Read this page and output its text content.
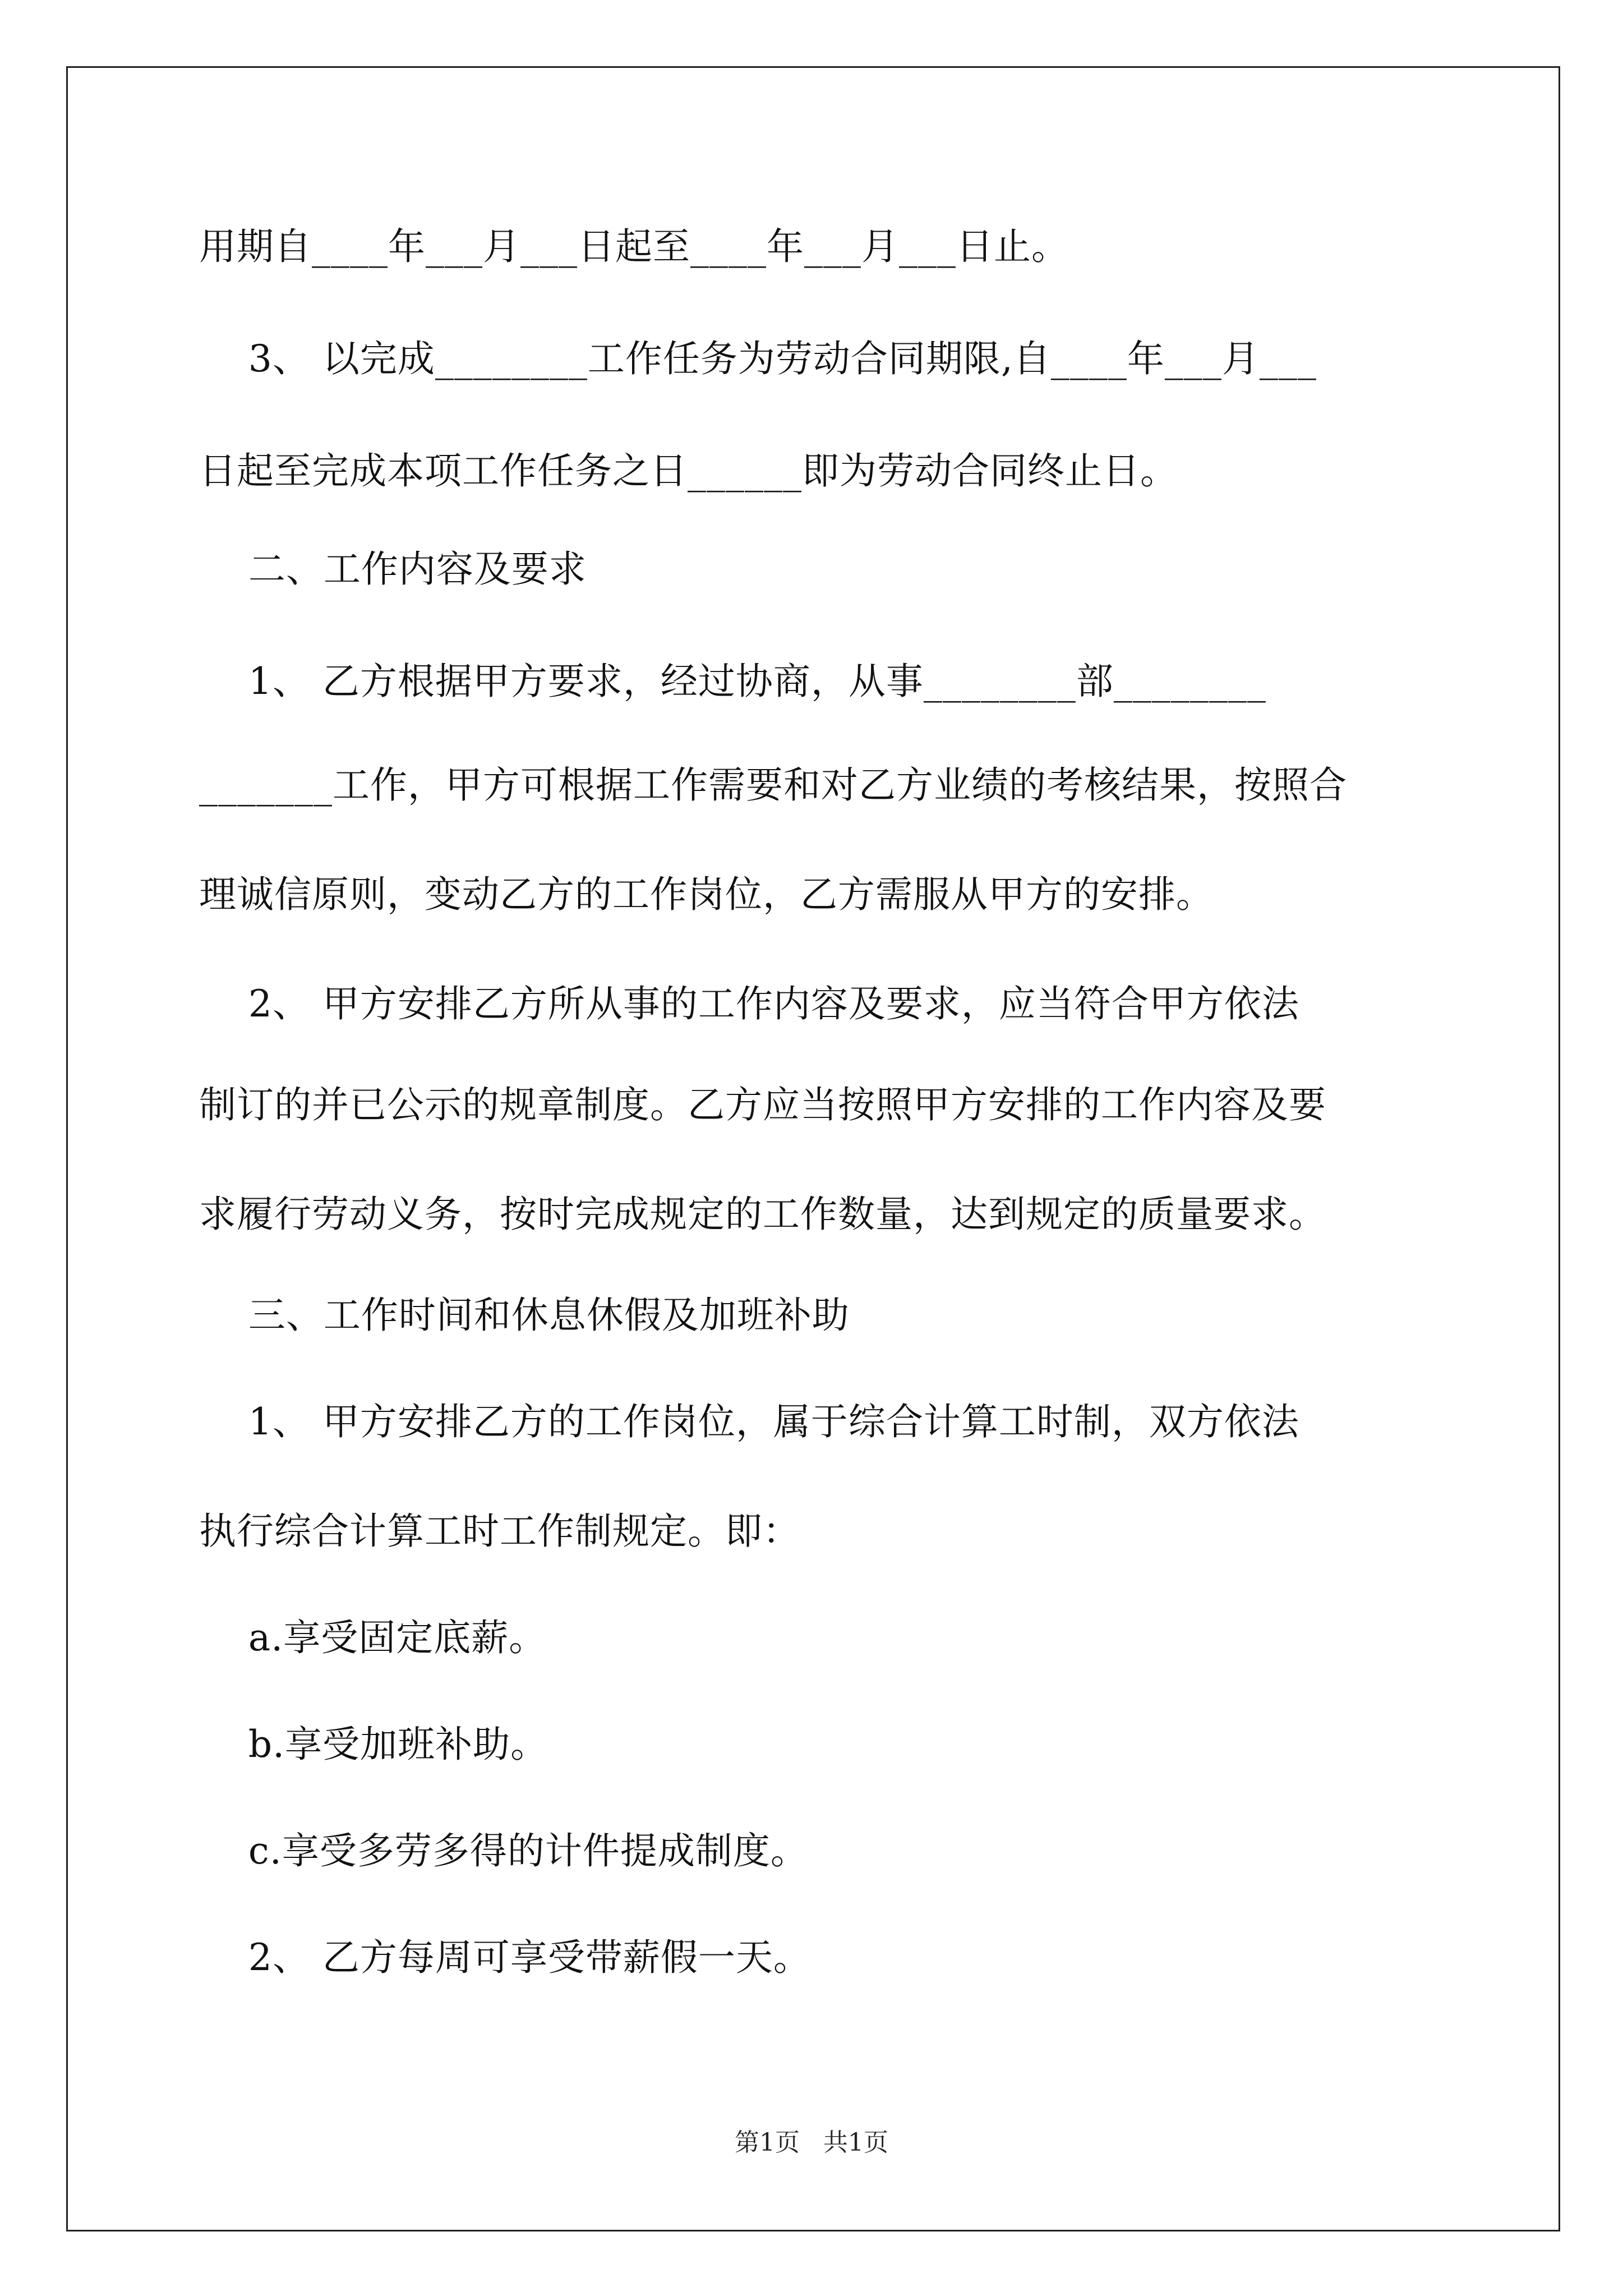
用期自____年___月___日起至____年___月___日止。
3、 以完成________工作任务为劳动合同期限,自____年___月___
日起至完成本项工作任务之日______即为劳动合同终止日。
二、工作内容及要求
1、 乙方根据甲方要求，经过协商，从事________部________
_______工作，甲方可根据工作需要和对乙方业绩的考核结果，按照合
理诚信原则，变动乙方的工作岗位，乙方需服从甲方的安排。
2、 甲方安排乙方所从事的工作内容及要求，应当符合甲方依法
制订的并已公示的规章制度。乙方应当按照甲方安排的工作内容及要
求履行劳动义务，按时完成规定的工作数量，达到规定的质量要求。
三、工作时间和休息休假及加班补助
1、 甲方安排乙方的工作岗位，属于综合计算工时制，双方依法
执行综合计算工时工作制规定。即：
a.享受固定底薪。
b.享受加班补助。
c.享受多劳多得的计件提成制度。
2、 乙方每周可享受带薪假一天。
第1页   共1页
